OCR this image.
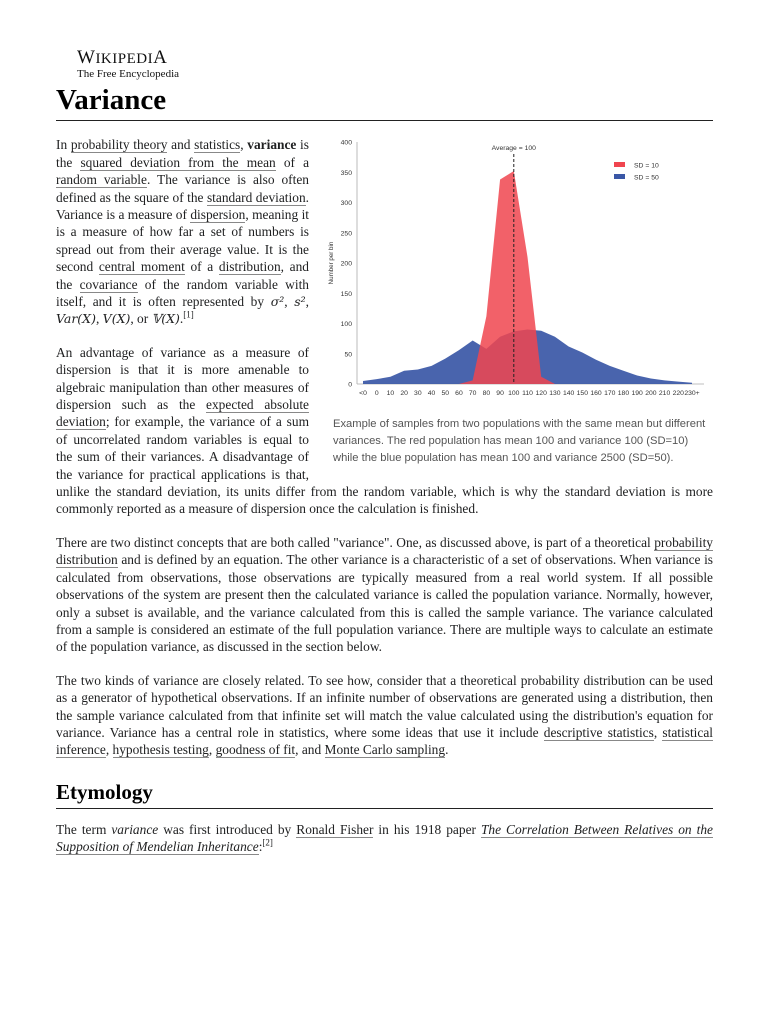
WIKIPEDIA
The Free Encyclopedia
Variance
0
50
100
150
200
250
300
350
400
Number per bin
<0 0 10 20 30 40 50 60 70 80 90 100 110 120 130 140 150 160 170 180 190 200 210 220 230+
Average = 100
SD = 10
SD = 50
Example of samples from two populations with the same mean but different variances. The red population has mean 100 and variance 100 (SD=10) while the blue population has mean 100 and variance 2500 (SD=50).

In probability theory and statistics, variance is the squared deviation from the mean of a random variable. The variance is also often defined as the square of the standard deviation. Variance is a measure of dispersion, meaning it is a measure of how far a set of numbers is spread out from their average value. It is the second central moment of a distribution, and the covariance of the random variable with itself, and it is often represented by σ², s², Var(X), V(X), or 𝕍(X).[1]

An advantage of variance as a measure of dispersion is that it is more amenable to algebraic manipulation than other measures of dispersion such as the expected absolute deviation; for example, the variance of a sum of uncorrelated random variables is equal to the sum of their variances. A disadvantage of the variance for practical applications is that, unlike the standard deviation, its units differ from the random variable, which is why the standard deviation is more commonly reported as a measure of dispersion once the calculation is finished.

There are two distinct concepts that are both called "variance". One, as discussed above, is part of a theoretical probability distribution and is defined by an equation. The other variance is a characteristic of a set of observations. When variance is calculated from observations, those observations are typically measured from a real world system. If all possible observations of the system are present then the calculated variance is called the population variance. Normally, however, only a subset is available, and the variance calculated from this is called the sample variance. The variance calculated from a sample is considered an estimate of the full population variance. There are multiple ways to calculate an estimate of the population variance, as discussed in the section below.

The two kinds of variance are closely related. To see how, consider that a theoretical probability distribution can be used as a generator of hypothetical observations. If an infinite number of observations are generated using a distribution, then the sample variance calculated from that infinite set will match the value calculated using the distribution's equation for variance. Variance has a central role in statistics, where some ideas that use it include descriptive statistics, statistical inference, hypothesis testing, goodness of fit, and Monte Carlo sampling.

Etymology

The term variance was first introduced by Ronald Fisher in his 1918 paper The Correlation Between Relatives on the Supposition of Mendelian Inheritance:[2]
